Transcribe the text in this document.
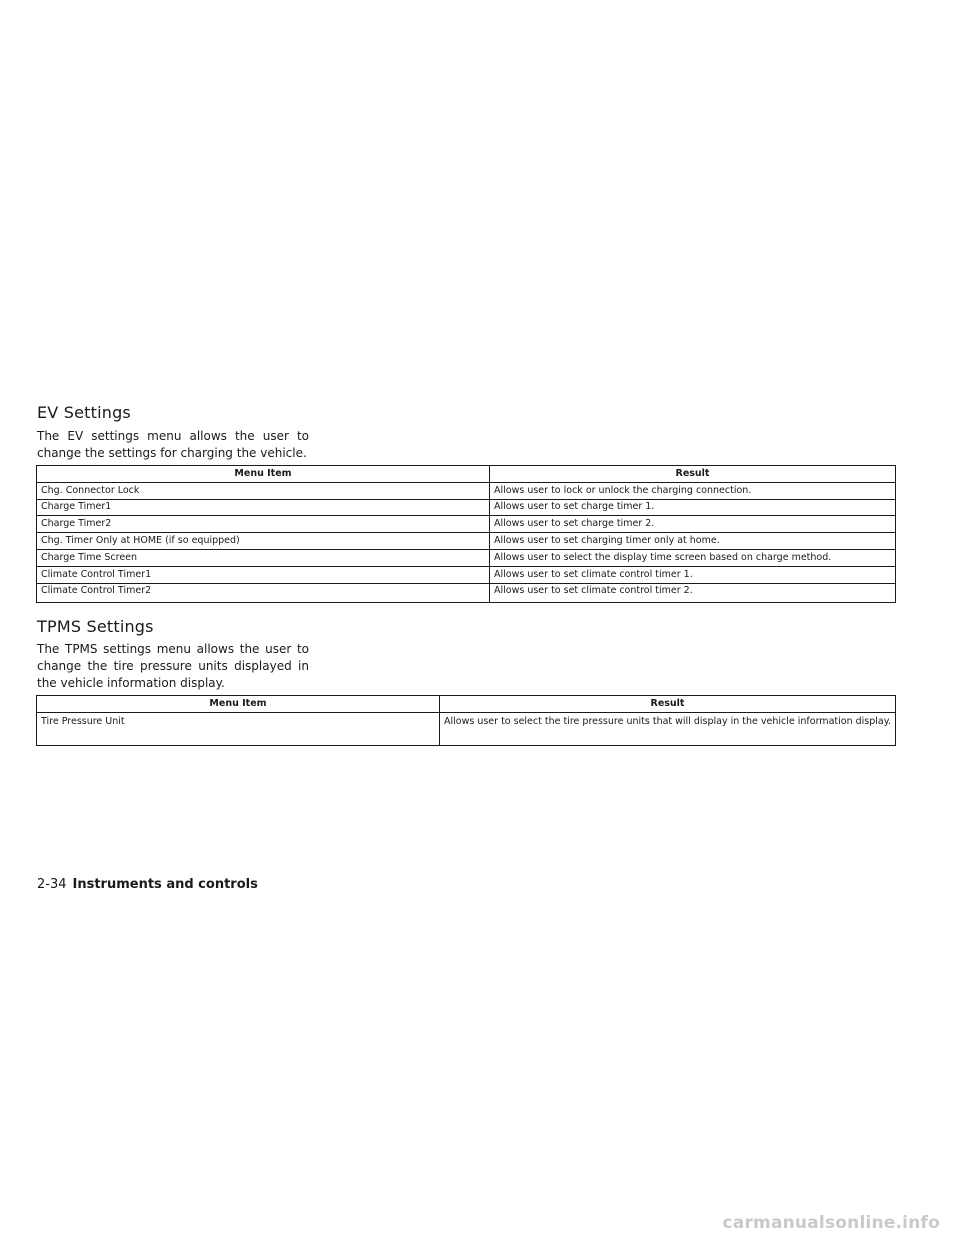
EV Settings

The EV settings menu allows the user to change the settings for charging the vehicle.

Menu Item	Result
Chg. Connector Lock	Allows user to lock or unlock the charging connection.
Charge Timer1	Allows user to set charge timer 1.
Charge Timer2	Allows user to set charge timer 2.
Chg. Timer Only at HOME (if so equipped)	Allows user to set charging timer only at home.
Charge Time Screen	Allows user to select the display time screen based on charge method.
Climate Control Timer1	Allows user to set climate control timer 1.
Climate Control Timer2	Allows user to set climate control timer 2.
TPMS Settings

The TPMS settings menu allows the user to change the tire pressure units displayed in the vehicle information display.

Menu Item	Result
Tire Pressure Unit	Allows user to select the tire pressure units that will display in the vehicle information display.
2-34 Instruments and controls
carmanualsonline.info
